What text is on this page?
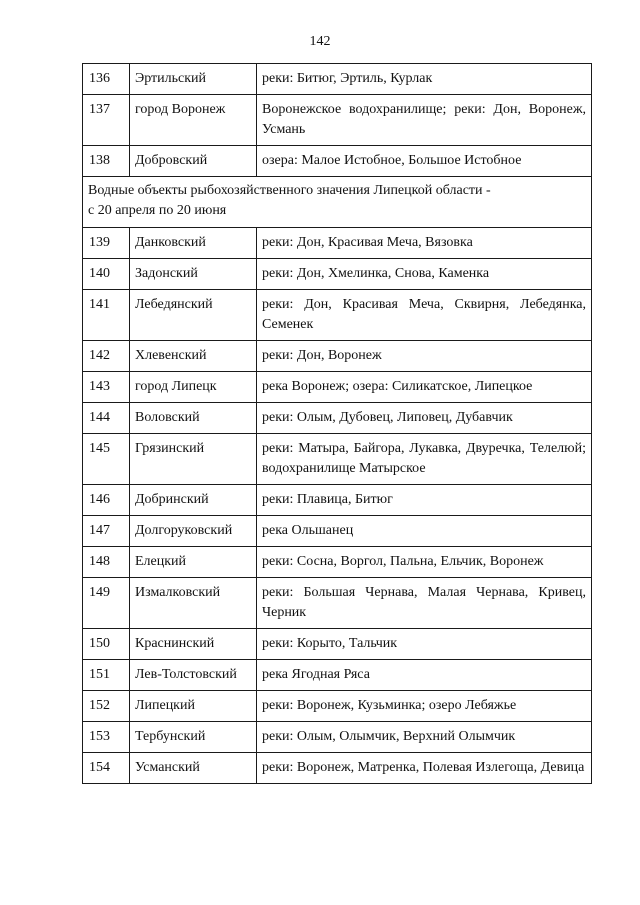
142
136	Эртильский	реки: Битюг, Эртиль, Курлак
137	город Воронеж	Воронежское водохранилище; реки: Дон, Воронеж, Усмань
138	Добровский	озера: Малое Истобное, Большое Истобное

Водные объекты рыбохозяйственного значения Липецкой области -
с 20 апреля по 20 июня		

139	Данковский	реки: Дон, Красивая Меча, Вязовка
140	Задонский	реки: Дон, Хмелинка, Снова, Каменка
141	Лебедянский	реки: Дон, Красивая Меча, Сквирня, Лебедянка, Семенек
142	Хлевенский	реки: Дон, Воронеж
143	город Липецк	река Воронеж; озера: Силикатское, Липецкое
144	Воловский	реки: Олым, Дубовец, Липовец, Дубавчик
145	Грязинский	реки: Матыра, Байгора, Лукавка, Двуречка, Телелюй; водохранилище Матырское
146	Добринский	реки: Плавица, Битюг
147	Долгоруковский	река Ольшанец
148	Елецкий	реки: Сосна, Воргол, Пальна, Ельчик, Воронеж
149	Измалковский	реки: Большая Чернава, Малая Чернава, Кривец, Черник
150	Краснинский	реки: Корыто, Тальчик
151	Лев-Толстовский	река Ягодная Ряса
152	Липецкий	реки: Воронеж, Кузьминка; озеро Лебяжье
153	Тербунский	реки: Олым, Олымчик, Верхний Олымчик
154	Усманский	реки: Воронеж, Матренка, Полевая Излегоща, Девица
